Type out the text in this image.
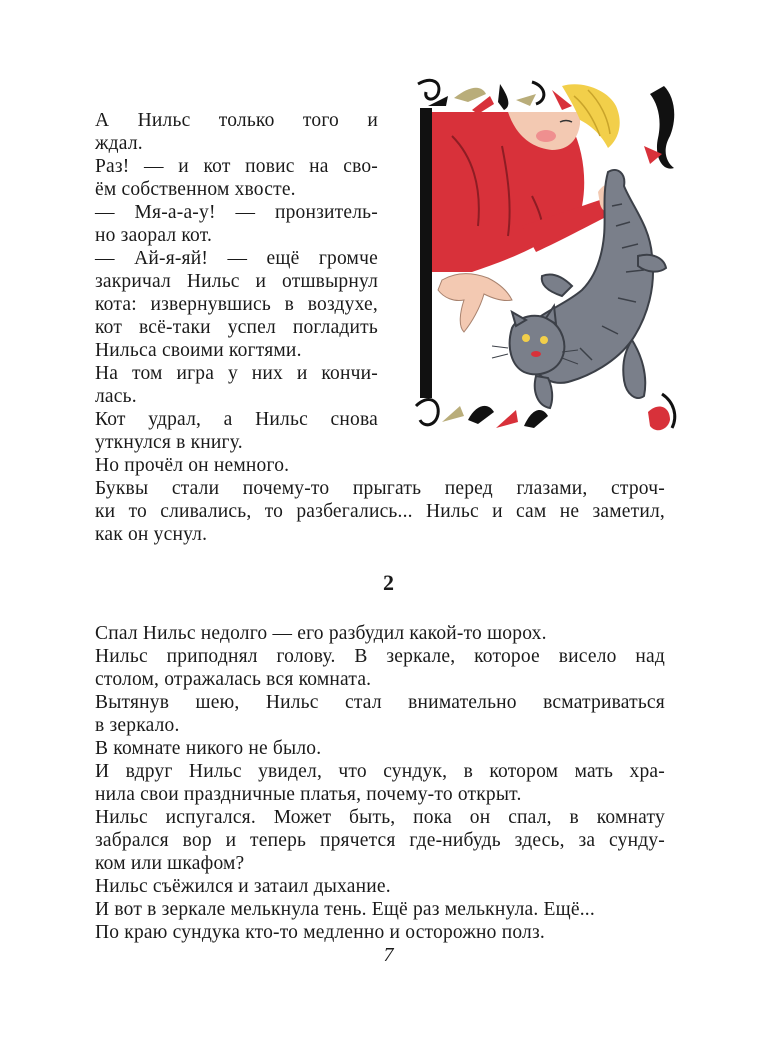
А Нильс только того и
ждал.
Раз! — и кот повис на сво-
ём собственном хвосте.
— Мя-а-а-у! — пронзитель-
но заорал кот.
— Ай-я-яй! — ещё громче
закричал Нильс и отшвырнул
кота: извернувшись в воздухе,
кот всё-таки успел погладить
Нильса своими когтями.
На том игра у них и кончи-
лась.
Кот удрал, а Нильс снова
уткнулся в книгу.
Но прочёл он немного.
Буквы стали почему-то прыгать перед глазами, строч-
ки то сливались, то разбегались... Нильс и сам не заметил,
как он уснул.
2
Спал Нильс недолго — его разбудил какой-то шорох.
Нильс приподнял голову. В зеркале, которое висело над
столом, отражалась вся комната.
Вытянув шею, Нильс стал внимательно всматриваться
в зеркало.
В комнате никого не было.
И вдруг Нильс увидел, что сундук, в котором мать хра-
нила свои праздничные платья, почему-то открыт.
Нильс испугался. Может быть, пока он спал, в комнату
забрался вор и теперь прячется где-нибудь здесь, за сунду-
ком или шкафом?
Нильс съёжился и затаил дыхание.
И вот в зеркале мелькнула тень. Ещё раз мелькнула. Ещё...
По краю сундука кто-то медленно и осторожно полз.
7
